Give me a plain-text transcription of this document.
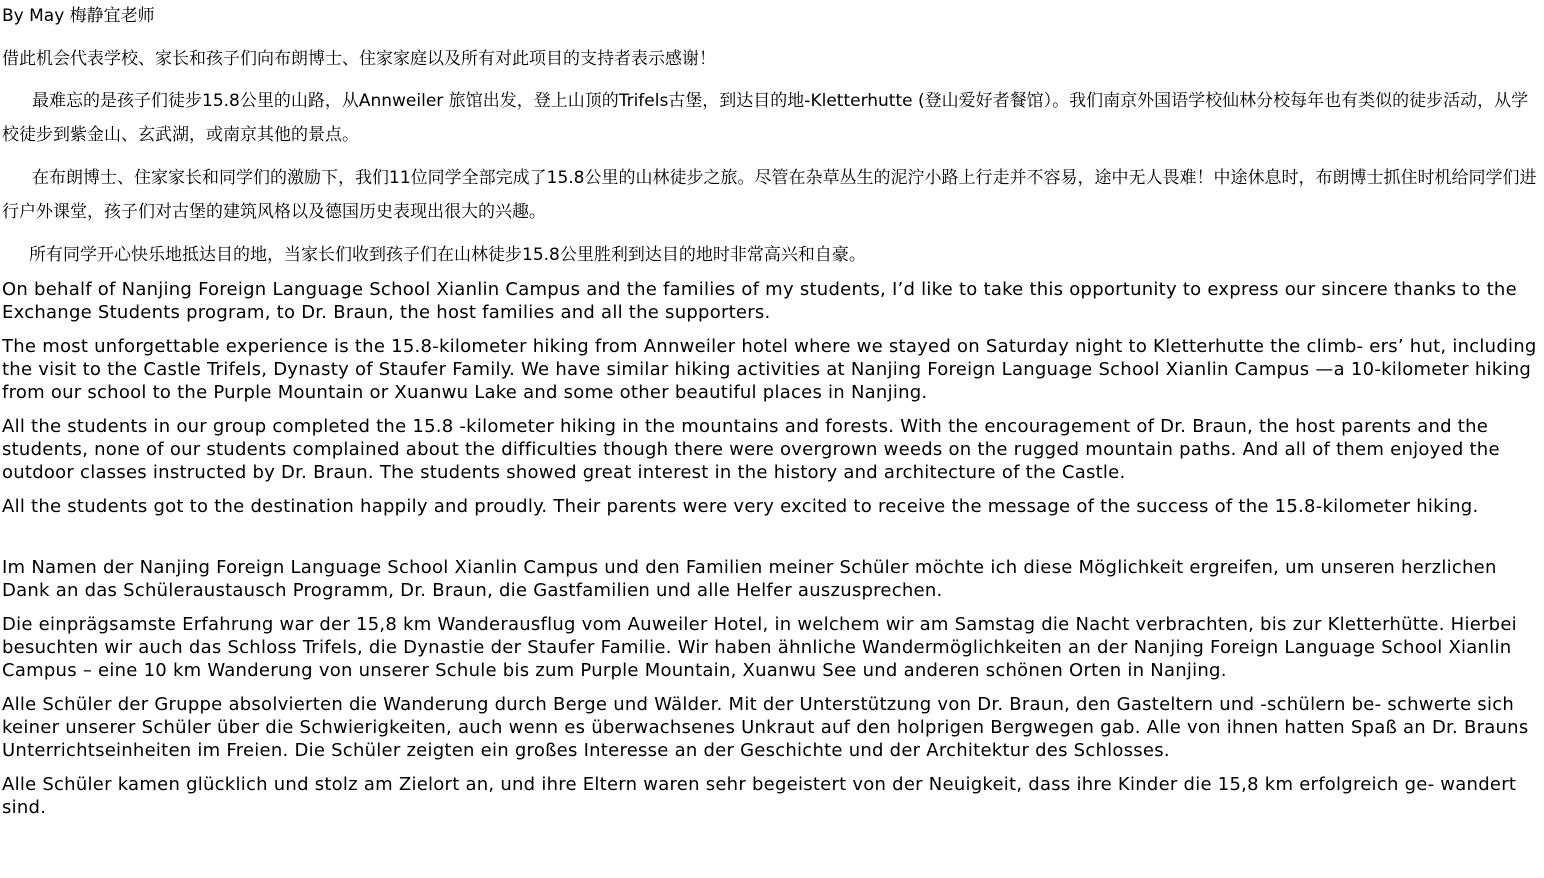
By May 梅静宜老师

借此机会代表学校、家长和孩子们向布朗博士、住家家庭以及所有对此项目的支持者表示感谢！

最难忘的是孩子们徒步15.8公里的山路，从Annweiler 旅馆出发，登上山顶的Trifels古堡，到达目的地-Kletterhutte (登山爱好者餐馆）。我们南京外国语学校仙林分校每年也有类似的徒步活动，从学校徒步到紫金山、玄武湖，或南京其他的景点。

在布朗博士、住家家长和同学们的激励下，我们11位同学全部完成了15.8公里的山林徒步之旅。尽管在杂草丛生的泥泞小路上行走并不容易，途中无人畏难！中途休息时，布朗博士抓住时机给同学们进行户外课堂，孩子们对古堡的建筑风格以及德国历史表现出很大的兴趣。

所有同学开心快乐地抵达目的地，当家长们收到孩子们在山林徒步15.8公里胜利到达目的地时非常高兴和自豪。

On behalf of Nanjing Foreign Language School Xianlin Campus and the families of my students, I’d like to take this opportunity to express our sincere thanks to the Exchange Students program, to Dr. Braun, the host families and all the supporters.

The most unforgettable experience is the 15.8-kilometer hiking from Annweiler hotel where we stayed on Saturday night to Kletterhutte the climb- ers’ hut, including the visit to the Castle Trifels, Dynasty of Staufer Family. We have similar hiking activities at Nanjing Foreign Language School Xianlin Campus —a 10-kilometer hiking from our school to the Purple Mountain or Xuanwu Lake and some other beautiful places in Nanjing.

All the students in our group completed the 15.8 -kilometer hiking in the mountains and forests. With the encouragement of Dr. Braun, the host parents and the students, none of our students complained about the difficulties though there were overgrown weeds on the rugged mountain paths. And all of them enjoyed the outdoor classes instructed by Dr. Braun. The students showed great interest in the history and architecture of the Castle.

All the students got to the destination happily and proudly. Their parents were very excited to receive the message of the success of the 15.8-kilometer hiking.

Im Namen der Nanjing Foreign Language School Xianlin Campus und den Familien meiner Schüler möchte ich diese Möglichkeit ergreifen, um unseren herzlichen Dank an das Schüleraustausch Programm, Dr. Braun, die Gastfamilien und alle Helfer auszusprechen.

Die einprägsamste Erfahrung war der 15,8 km Wanderausflug vom Auweiler Hotel, in welchem wir am Samstag die Nacht verbrachten, bis zur Kletterhütte. Hierbei besuchten wir auch das Schloss Trifels, die Dynastie der Staufer Familie. Wir haben ähnliche Wandermöglichkeiten an der Nanjing Foreign Language School Xianlin Campus – eine 10 km Wanderung von unserer Schule bis zum Purple Mountain, Xuanwu See und anderen schönen Orten in Nanjing.

Alle Schüler der Gruppe absolvierten die Wanderung durch Berge und Wälder. Mit der Unterstützung von Dr. Braun, den Gasteltern und -schülern be- schwerte sich keiner unserer Schüler über die Schwierigkeiten, auch wenn es überwachsenes Unkraut auf den holprigen Bergwegen gab. Alle von ihnen hatten Spaß an Dr. Brauns Unterrichtseinheiten im Freien. Die Schüler zeigten ein großes Interesse an der Geschichte und der Architektur des Schlosses.

Alle Schüler kamen glücklich und stolz am Zielort an, und ihre Eltern waren sehr begeistert von der Neuigkeit, dass ihre Kinder die 15,8 km erfolgreich ge- wandert sind.
